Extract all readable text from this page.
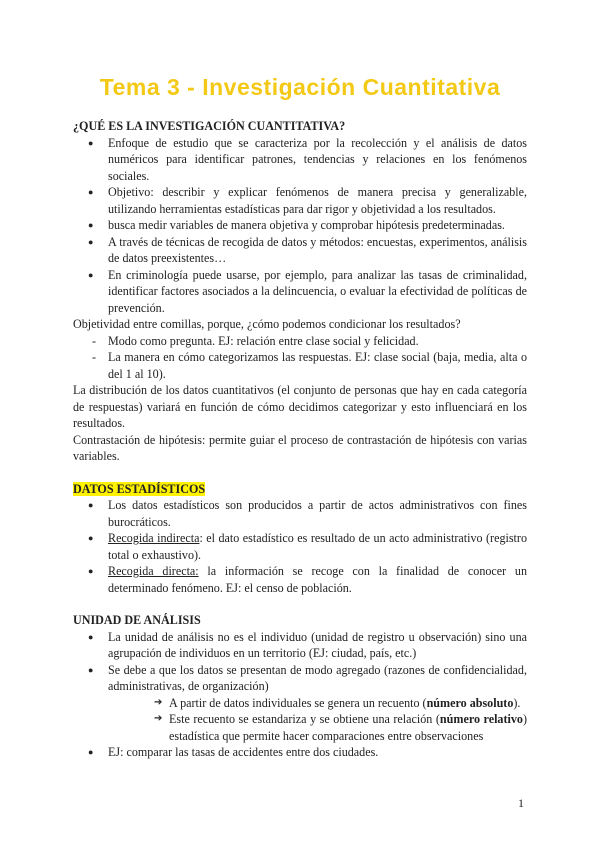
Tema 3 - Investigación Cuantitativa

¿QUÉ ES LA INVESTIGACIÓN CUANTITATIVA?

● Enfoque de estudio que se caracteriza por la recolección y el análisis de datos numéricos para identificar patrones, tendencias y relaciones en los fenómenos sociales.
● Objetivo: describir y explicar fenómenos de manera precisa y generalizable, utilizando herramientas estadísticas para dar rigor y objetividad a los resultados.
● busca medir variables de manera objetiva y comprobar hipótesis predeterminadas.
● A través de técnicas de recogida de datos y métodos: encuestas, experimentos, análisis de datos preexistentes…
● En criminología puede usarse, por ejemplo, para analizar las tasas de criminalidad, identificar factores asociados a la delincuencia, o evaluar la efectividad de políticas de prevención.

Objetividad entre comillas, porque, ¿cómo podemos condicionar los resultados?

- Modo como pregunta. EJ: relación entre clase social y felicidad.
- La manera en cómo categorizamos las respuestas. EJ: clase social (baja, media, alta o del 1 al 10).

La distribución de los datos cuantitativos (el conjunto de personas que hay en cada categoría de respuestas) variará en función de cómo decidimos categorizar y esto influenciará en los resultados.

Contrastación de hipótesis: permite guiar el proceso de contrastación de hipótesis con varias variables.

DATOS ESTADÍSTICOS

● Los datos estadísticos son producidos a partir de actos administrativos con fines burocráticos.
● Recogida indirecta: el dato estadístico es resultado de un acto administrativo (registro total o exhaustivo).
● Recogida directa: la información se recoge con la finalidad de conocer un determinado fenómeno. EJ: el censo de población.

UNIDAD DE ANÁLISIS

● La unidad de análisis no es el individuo (unidad de registro u observación) sino una agrupación de individuos en un territorio (EJ: ciudad, país, etc.)
● Se debe a que los datos se presentan de modo agregado (razones de confidencialidad, administrativas, de organización)
➔ A partir de datos individuales se genera un recuento (número absoluto).
➔ Este recuento se estandariza y se obtiene una relación (número relativo) estadística que permite hacer comparaciones entre observaciones
● EJ: comparar las tasas de accidentes entre dos ciudades.
1
